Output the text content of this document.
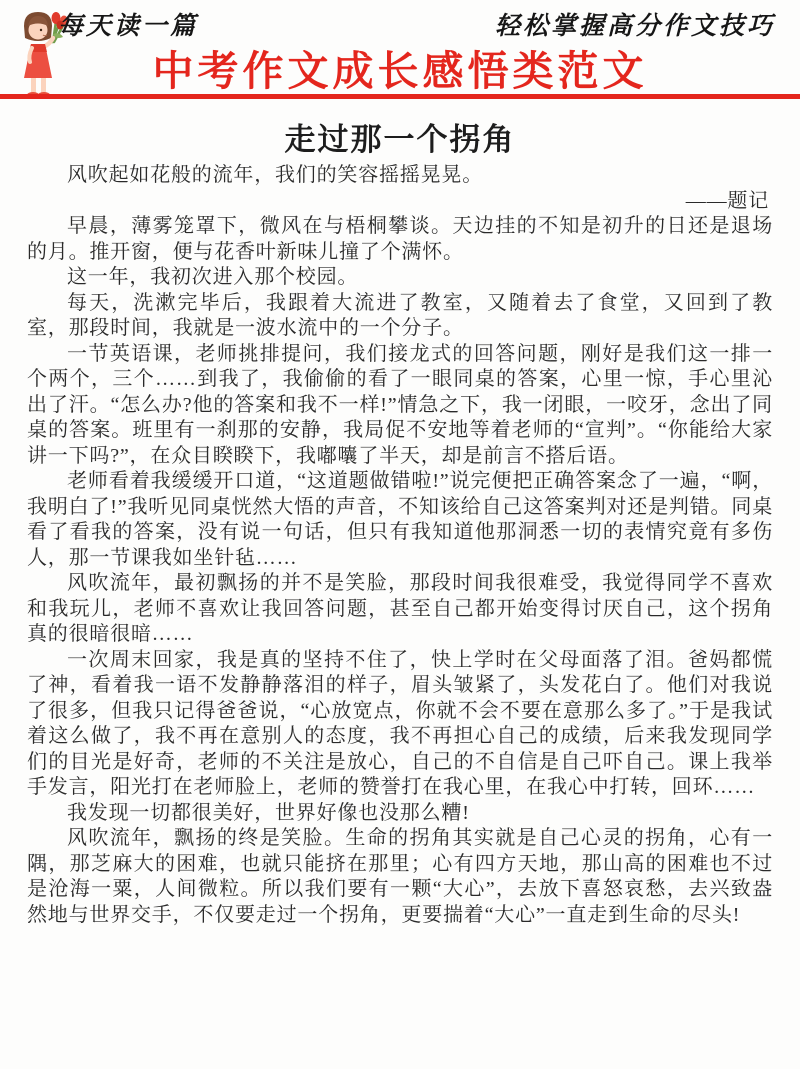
每天读一篇	轻松掌握高分作文技巧
中考作文成长感悟类范文
走过那一个拐角

风吹起如花般的流年，我们的笑容摇摇晃晃。

——题记

早晨，薄雾笼罩下，微风在与梧桐攀谈。天边挂的不知是初升的日还是退场的月。推开窗，便与花香叶新味儿撞了个满怀。

这一年，我初次进入那个校园。

每天，洗漱完毕后，我跟着大流进了教室，又随着去了食堂，又回到了教室，那段时间，我就是一波水流中的一个分子。

一节英语课，老师挑排提问，我们接龙式的回答问题，刚好是我们这一排一个两个，三个……到我了，我偷偷的看了一眼同桌的答案，心里一惊，手心里沁出了汗。“怎么办?他的答案和我不一样!”情急之下，我一闭眼，一咬牙，念出了同桌的答案。班里有一刹那的安静，我局促不安地等着老师的“宣判”。“你能给大家讲一下吗?”，在众目睽睽下，我嘟囔了半天，却是前言不搭后语。

老师看着我缓缓开口道，“这道题做错啦!”说完便把正确答案念了一遍，“啊，我明白了!”我听见同桌恍然大悟的声音，不知该给自己这答案判对还是判错。同桌看了看我的答案，没有说一句话，但只有我知道他那洞悉一切的表情究竟有多伤人，那一节课我如坐针毡……

风吹流年，最初飘扬的并不是笑脸，那段时间我很难受，我觉得同学不喜欢和我玩儿，老师不喜欢让我回答问题，甚至自己都开始变得讨厌自己，这个拐角真的很暗很暗……

一次周末回家，我是真的坚持不住了，快上学时在父母面落了泪。爸妈都慌了神，看着我一语不发静静落泪的样子，眉头皱紧了，头发花白了。他们对我说了很多，但我只记得爸爸说，“心放宽点，你就不会不要在意那么多了。”于是我试着这么做了，我不再在意别人的态度，我不再担心自己的成绩，后来我发现同学们的目光是好奇，老师的不关注是放心，自己的不自信是自己吓自己。课上我举手发言，阳光打在老师脸上，老师的赞誉打在我心里，在我心中打转，回环……

我发现一切都很美好，世界好像也没那么糟!

风吹流年，飘扬的终是笑脸。生命的拐角其实就是自己心灵的拐角，心有一隅，那芝麻大的困难，也就只能挤在那里；心有四方天地，那山高的困难也不过是沧海一粟，人间微粒。所以我们要有一颗“大心”，去放下喜怒哀愁，去兴致盎然地与世界交手，不仅要走过一个拐角，更要揣着“大心”一直走到生命的尽头!
